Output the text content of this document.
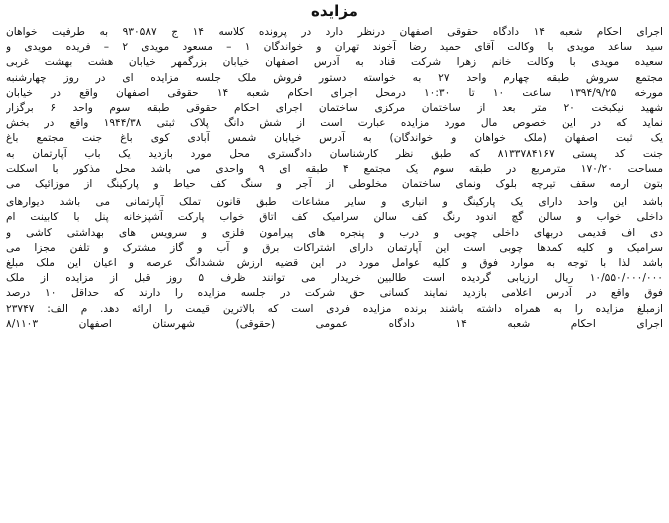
مزایده
اجرای احکام شعبه ۱۴ دادگاه حقوقی اصفهان درنظر دارد در پرونده کلاسه ۱۴ ج ۹۳۰۵۸۷ به طرفیت خواهان
سید ساعد مویدی با وکالت آقای حمید رضا آخوند تهران و خواندگان ۱ – مسعود مویدی ۲ – فریده مویدی و
سعیده مویدی با وکالت خانم زهرا شرکت قناد به آدرس اصفهان خیابان بزرگمهر خیابان هشت بهشت غربی
مجتمع سروش طبقه چهارم واحد ۲۷ به خواسته دستور فروش ملک جلسه مزایده ای در روز چهارشنبه
مورخه ۱۳۹۴/۹/۲۵ ساعت ۱۰ تا ۱۰:۳۰ درمحل اجرای احکام شعبه ۱۴ حقوقی اصفهان واقع در خیابان
شهید نیکبخت ۲۰ متر بعد از ساختمان مرکزی ساختمان اجرای احکام حقوقی طبقه سوم واحد ۶ برگزار
نماید که در این خصوص مال مورد مزایده عبارت است از شش دانگ پلاک ثبتی ۱۹۴۴/۳۸ واقع در بخش
یک ثبت اصفهان (ملک خواهان و خواندگان) به آدرس خیابان شمس آبادی کوی باغ جنت مجتمع باغ
جنت کد پستی ۸۱۳۳۷۸۴۱۶۷ که طبق نظر کارشناسان دادگستری محل مورد بازدید یک باب آپارتمان به
مساحت ۱۷۰/۲۰ مترمربع در طبقه سوم یک مجتمع ۴ طبقه ای ۹ واحدی می باشد محل مذکور با اسکلت
بتون ارمه سقف تیرچه بلوک ونمای ساختمان مخلوطی از آجر و سنگ کف حیاط و پارکینگ از موزائیک می
باشد این واحد دارای یک پارکینگ و انباری و سایر مشاعات طبق قانون تملک آپارتمانی می باشد دیوارهای
داخلی خواب و سالن گچ اندود رنگ کف سالن سرامیک کف اتاق خواب پارکت آشپزخانه پنل با کابینت ام
دی اف قدیمی دربهای داخلی چوبی و درب و پنجره های پیرامون فلزی و سرویس های بهداشتی کاشی و
سرامیک و کلیه کمدها چوبی است این آپارتمان دارای اشتراکات برق و آب و گاز مشترک و تلفن مجزا می
باشد لذا با توجه به موارد فوق و کلیه عوامل مورد در این قضیه ارزش ششدانگ عرصه و اعیان این ملک مبلغ
۱۰/۵۵۰/۰۰۰/۰۰۰ ریال ارزیابی گردیده است طالبین خریدار می توانند ظرف ۵ روز قبل از مزایده از ملک
فوق واقع در آدرس اعلامی بازدید نمایند کسانی حق شرکت در جلسه مزایده را دارند که حداقل ۱۰ درصد
ازمبلغ مزایده را به همراه داشته باشند برنده مزایده فردی است که بالاترین قیمت را ارائه دهد. م الف: ۲۳۷۴۷
اجرای احکام شعبه ۱۴ دادگاه عمومی (حقوقی) شهرستان اصفهان ۸/۱۱۰۳
